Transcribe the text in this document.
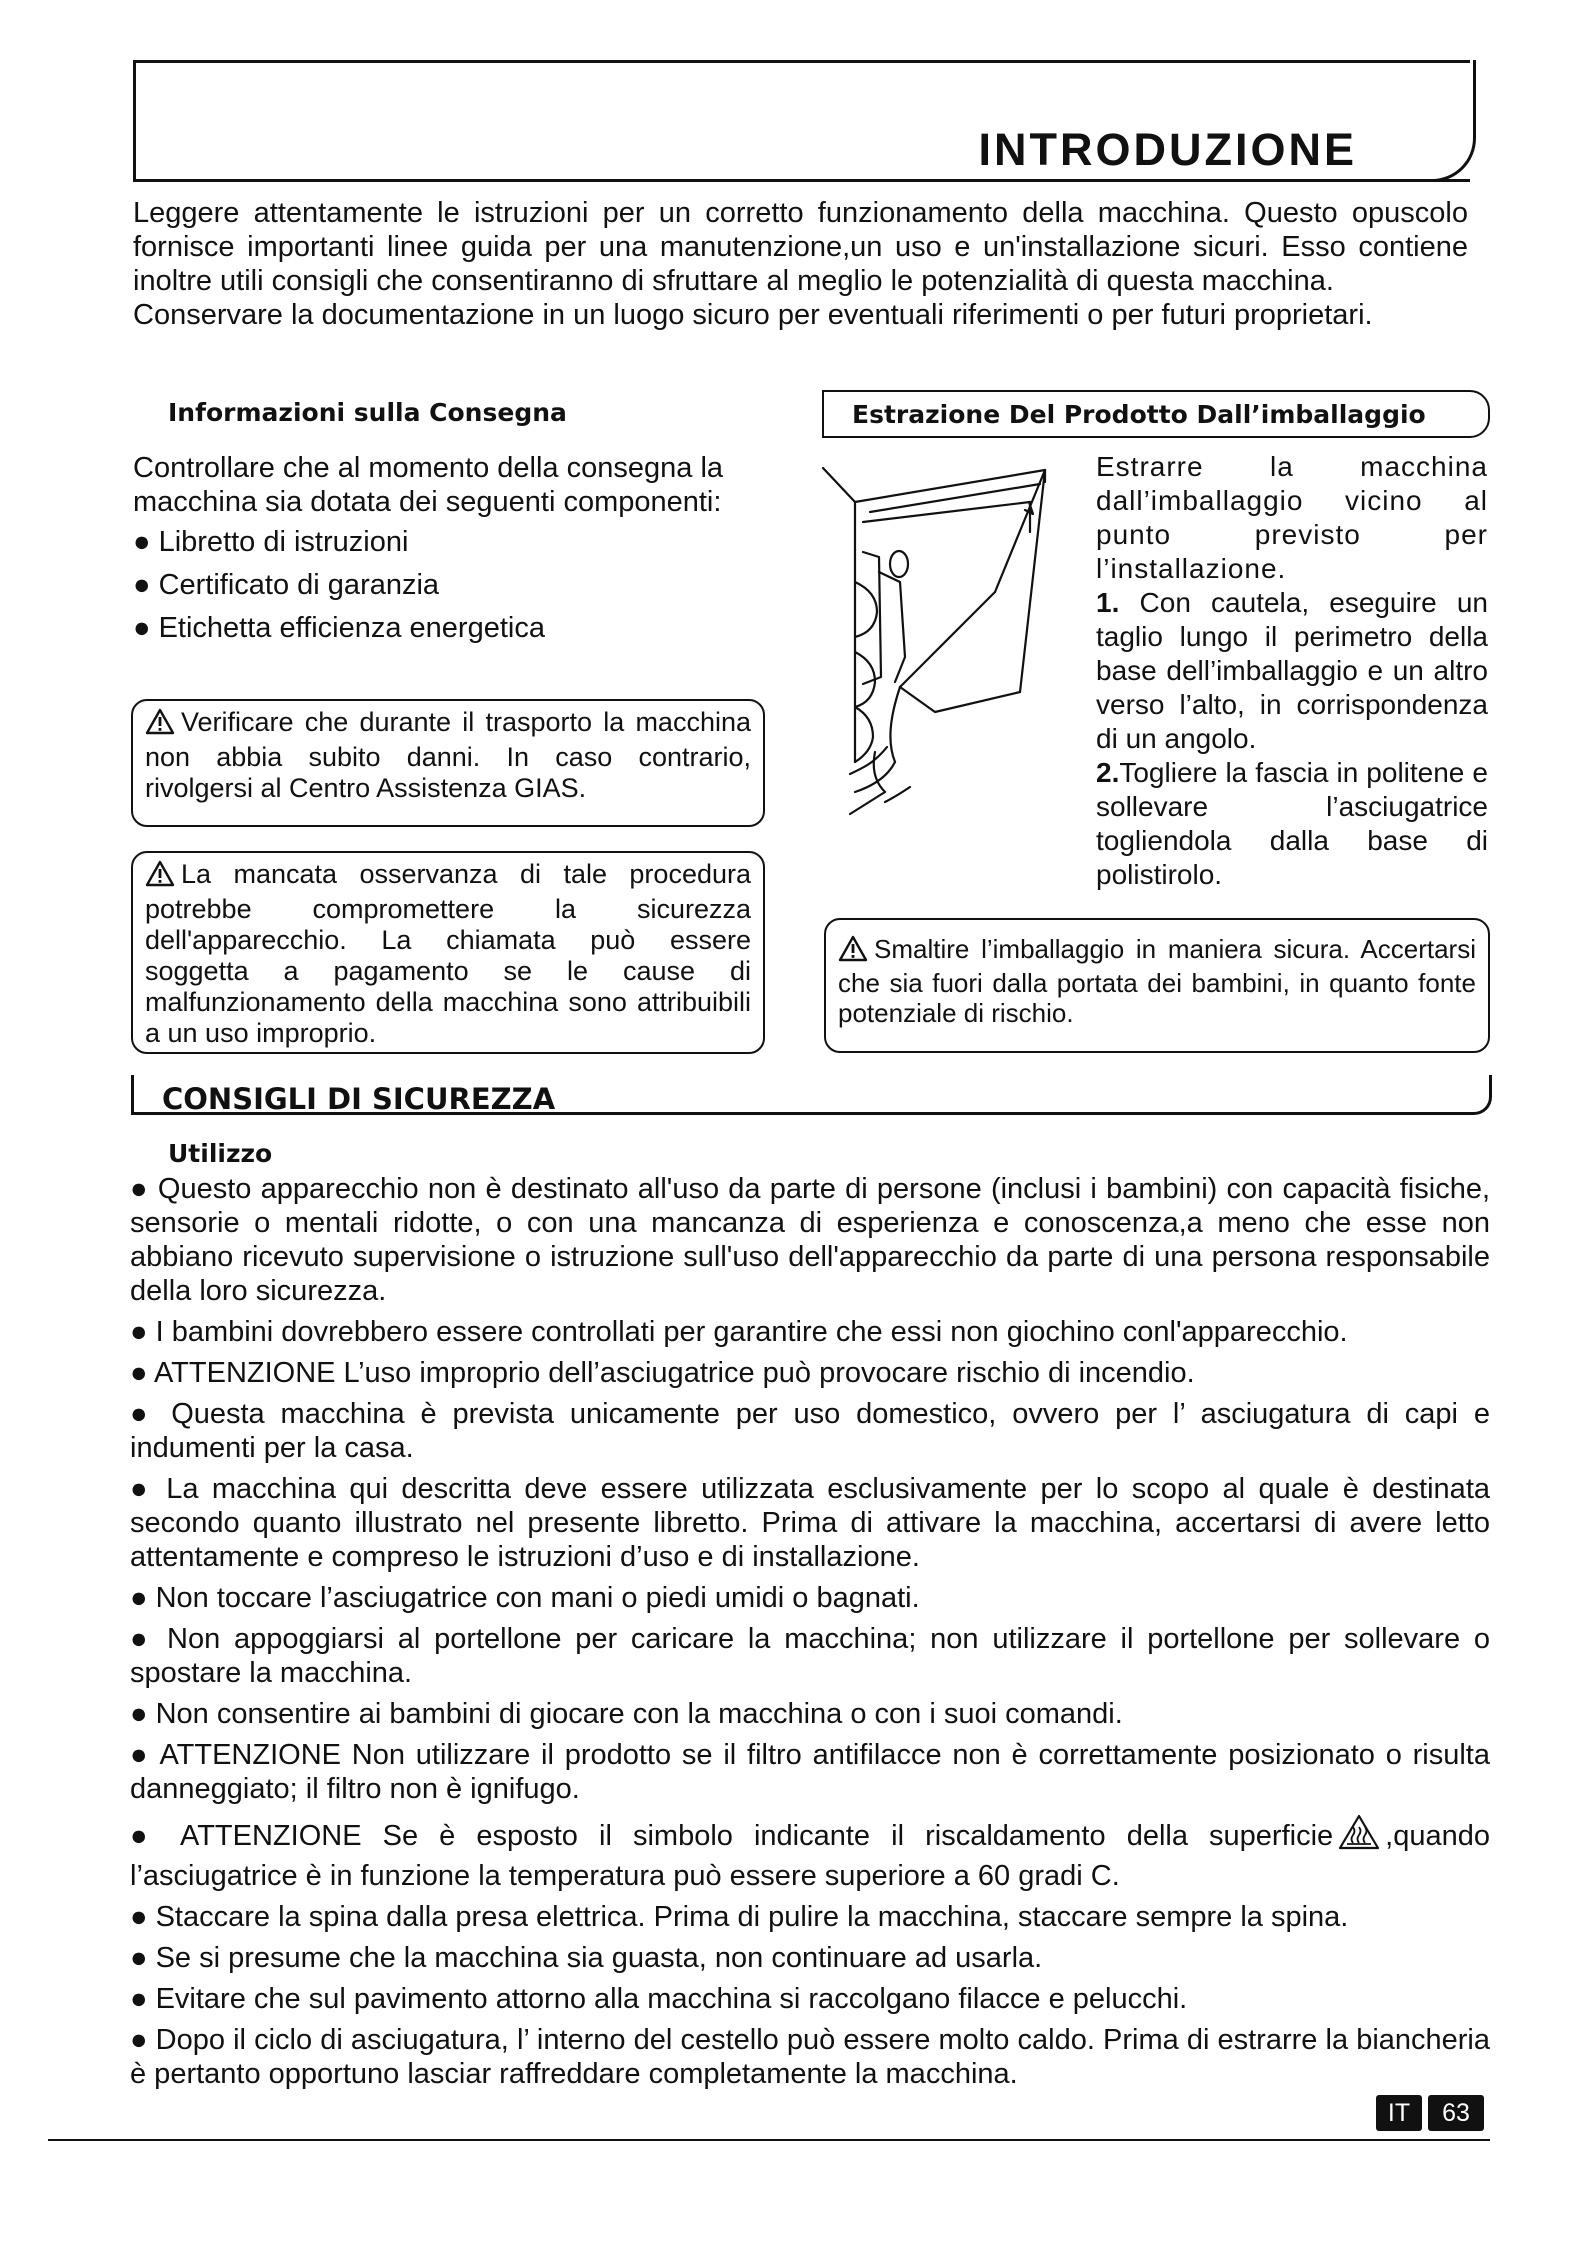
INTRODUZIONE

Leggere attentamente le istruzioni per un corretto funzionamento della macchina. Questo opuscolo fornisce importanti linee guida per una manutenzione,un uso e un'installazione sicuri. Esso contiene inoltre utili consigli che consentiranno di sfruttare al meglio le potenzialità di questa macchina.

Conservare la documentazione in un luogo sicuro per eventuali riferimenti o per futuri proprietari.

Informazioni sulla Consegna
Controllare che al momento della consegna la macchina sia dotata dei seguenti componenti:
● Libretto di istruzioni
● Certificato di garanzia
● Etichetta efficienza energetica

Verificare che durante il trasporto la macchina non abbia subito danni. In caso contrario, rivolgersi al Centro Assistenza GIAS.

La mancata osservanza di tale procedura potrebbe compromettere la sicurezza dell'apparecchio. La chiamata può essere soggetta a pagamento se le cause di malfunzionamento della macchina sono attribuibili a un uso improprio.

Estrazione Del Prodotto Dall’imballaggio

Estrarre la macchina dall’imballaggio vicino al punto previsto per l’installazione.

1. Con cautela, eseguire un taglio lungo il perimetro della base dell’imballaggio e un altro verso l’alto, in corrispondenza di un angolo.

2.Togliere la fascia in politene e sollevare l’asciugatrice togliendola dalla base di polistirolo.

Smaltire l’imballaggio in maniera sicura. Accertarsi che sia fuori dalla portata dei bambini, in quanto fonte potenziale di rischio.

CONSIGLI DI SICUREZZA
Utilizzo

● Questo apparecchio non è destinato all'uso da parte di persone (inclusi i bambini) con capacità fisiche, sensorie o mentali ridotte, o con una mancanza di esperienza e conoscenza,a meno che esse non abbiano ricevuto supervisione o istruzione sull'uso dell'apparecchio da parte di una persona responsabile della loro sicurezza.

● I bambini dovrebbero essere controllati per garantire che essi non giochino conl'apparecchio.

● ATTENZIONE L’uso improprio dell’asciugatrice può provocare rischio di incendio.

● Questa macchina è prevista unicamente per uso domestico, ovvero per l’ asciugatura di capi e indumenti per la casa.

● La macchina qui descritta deve essere utilizzata esclusivamente per lo scopo al quale è destinata secondo quanto illustrato nel presente libretto. Prima di attivare la macchina, accertarsi di avere letto attentamente e compreso le istruzioni d’uso e di installazione.

● Non toccare l’asciugatrice con mani o piedi umidi o bagnati.

● Non appoggiarsi al portellone per caricare la macchina; non utilizzare il portellone per sollevare o spostare la macchina.

● Non consentire ai bambini di giocare con la macchina o con i suoi comandi.

● ATTENZIONE Non utilizzare il prodotto se il filtro antifilacce non è correttamente posizionato o risulta danneggiato; il filtro non è ignifugo.

● ATTENZIONE Se è esposto il simbolo indicante il riscaldamento della superficie ,quando l’asciugatrice è in funzione la temperatura può essere superiore a 60 gradi C.

● Staccare la spina dalla presa elettrica. Prima di pulire la macchina, staccare sempre la spina.

● Se si presume che la macchina sia guasta, non continuare ad usarla.

● Evitare che sul pavimento attorno alla macchina si raccolgano filacce e pelucchi.

● Dopo il ciclo di asciugatura, l’ interno del cestello può essere molto caldo. Prima di estrarre la biancheria è pertanto opportuno lasciar raffreddare completamente la macchina.

IT	63
